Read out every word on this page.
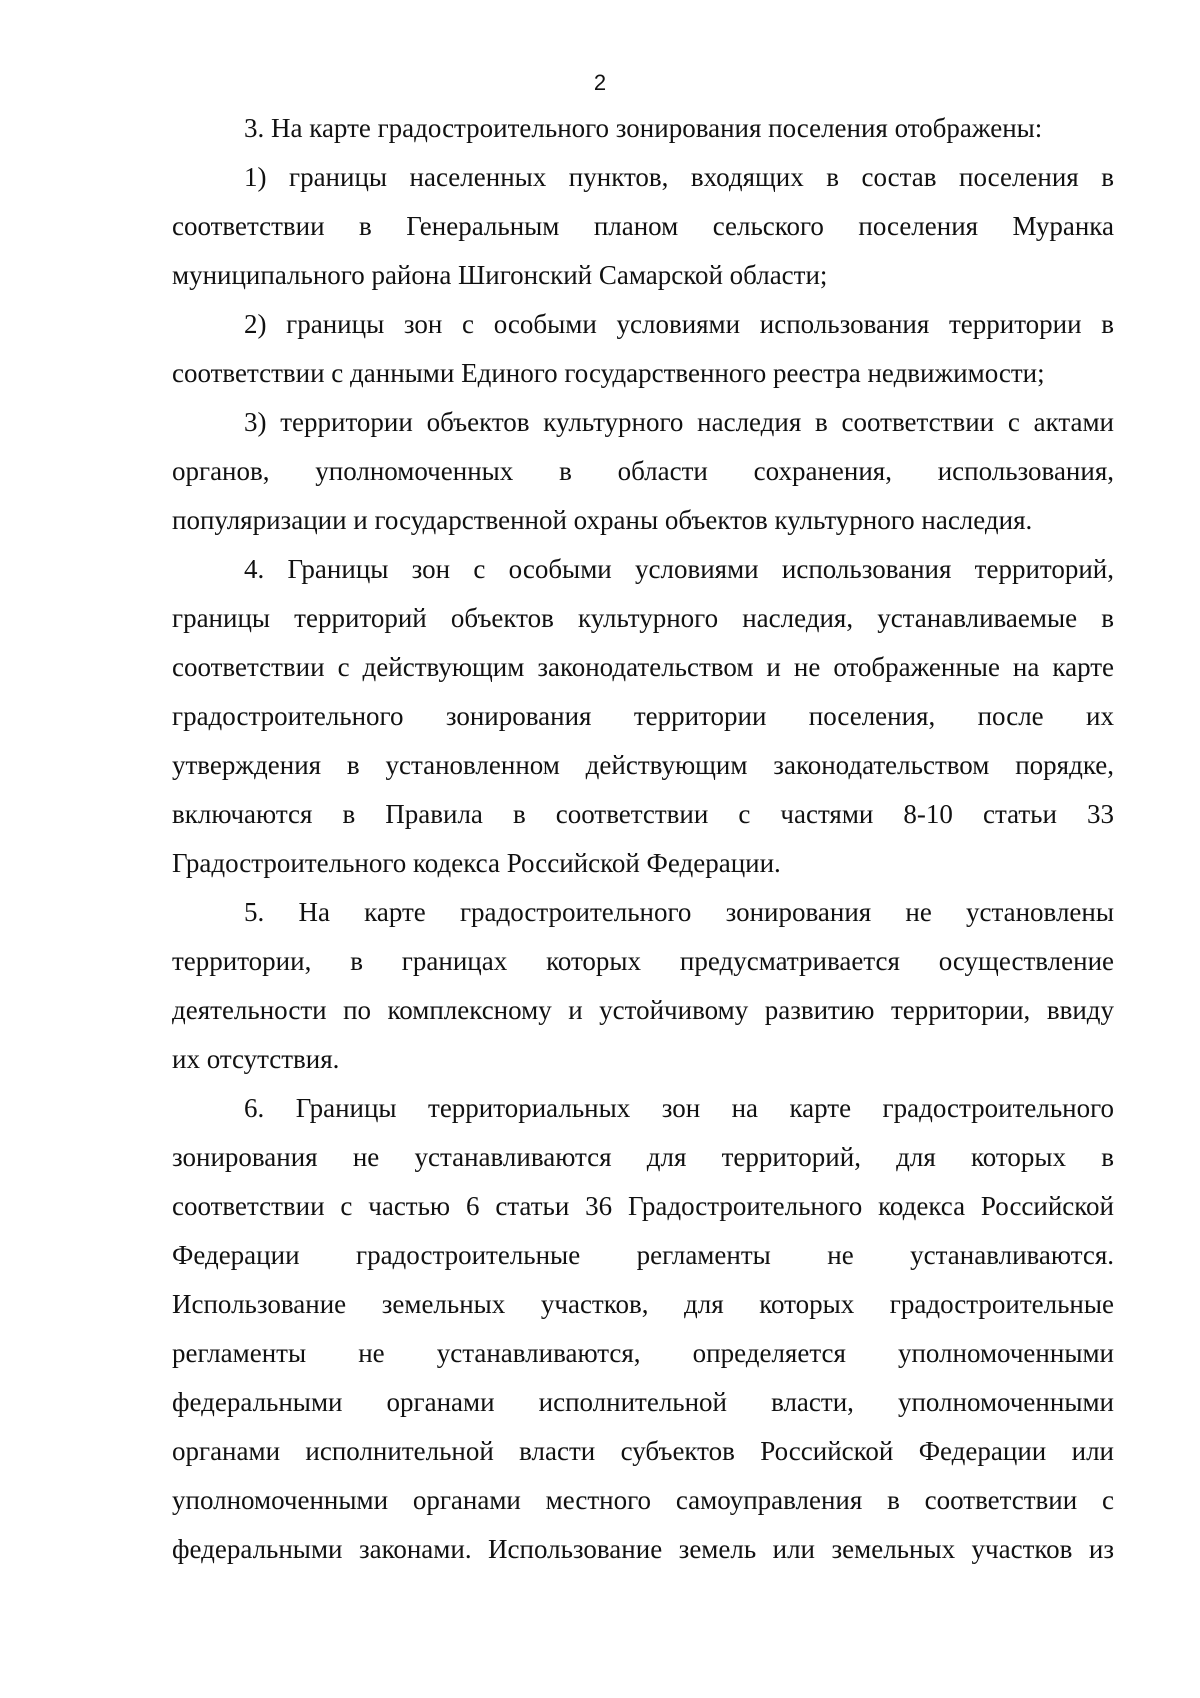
2

3. На карте градостроительного зонирования поселения отображены:

1) границы населенных пунктов, входящих в состав поселения в
соответствии в Генеральным планом сельского поселения Муранка
муниципального района Шигонский Самарской области;

2) границы зон с особыми условиями использования территории в
соответствии с данными Единого государственного реестра недвижимости;

3) территории объектов культурного наследия в соответствии с актами
органов, уполномоченных в области сохранения, использования,
популяризации и государственной охраны объектов культурного наследия.

4. Границы зон с особыми условиями использования территорий,
границы территорий объектов культурного наследия, устанавливаемые в
соответствии с действующим законодательством и не отображенные на карте
градостроительного зонирования территории поселения, после их
утверждения в установленном действующим законодательством порядке,
включаются в Правила в соответствии с частями 8-10 статьи 33
Градостроительного кодекса Российской Федерации.

5. На карте градостроительного зонирования не установлены
территории, в границах которых предусматривается осуществление
деятельности по комплексному и устойчивому развитию территории, ввиду
их отсутствия.

6. Границы территориальных зон на карте градостроительного
зонирования не устанавливаются для территорий, для которых в
соответствии с частью 6 статьи 36 Градостроительного кодекса Российской
Федерации градостроительные регламенты не устанавливаются.
Использование земельных участков, для которых градостроительные
регламенты не устанавливаются, определяется уполномоченными
федеральными органами исполнительной власти, уполномоченными
органами исполнительной власти субъектов Российской Федерации или
уполномоченными органами местного самоуправления в соответствии с
федеральными законами. Использование земель или земельных участков из
